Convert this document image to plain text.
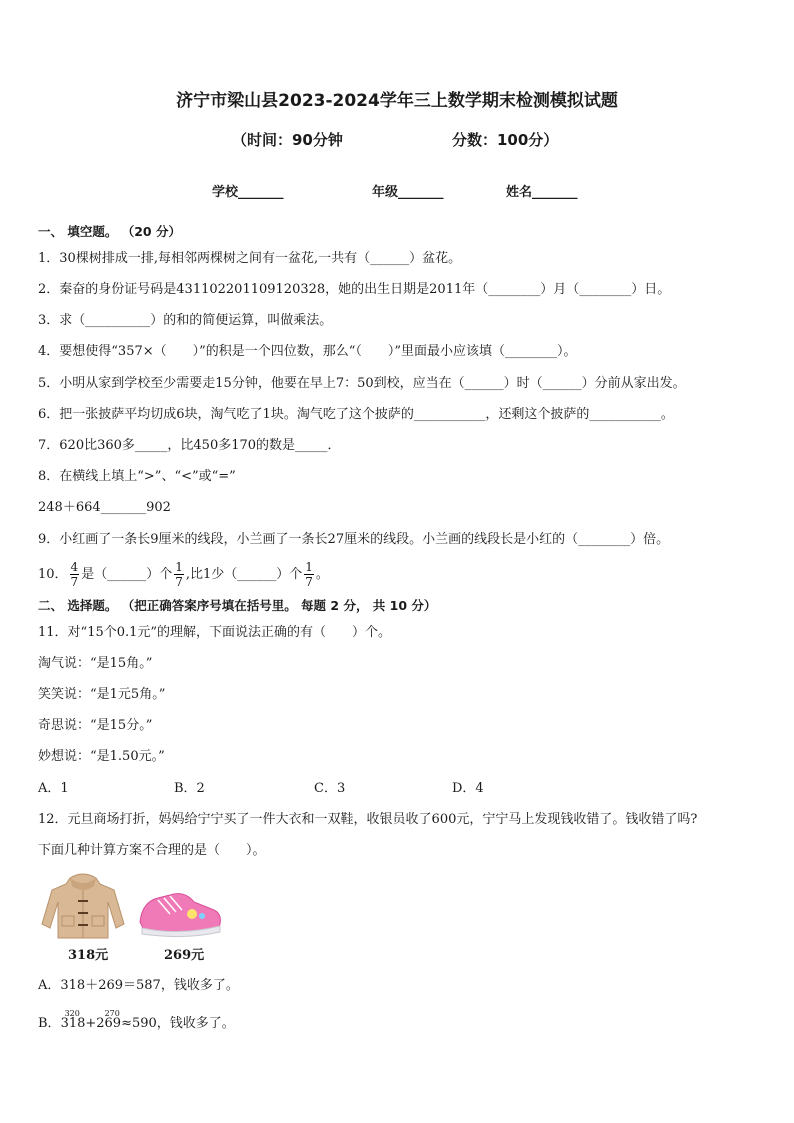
济宁市梁山县2023-2024学年三上数学期末检测模拟试题
（时间：90分钟	分数：100分）
学校_______	年级_______	姓名_______
一、 填空题。 （20 分）
1．30棵树排成一排,每相邻两棵树之间有一盆花,一共有（______）盆花。
2．秦奋的身份证号码是431102201109120328，她的出生日期是2011年（________）月（________）日。
3．求（__________）的和的简便运算，叫做乘法。
4．要想使得“357×（　　）”的积是一个四位数，那么“（　　）”里面最小应该填（________）。
5．小明从家到学校至少需要走15分钟，他要在早上7：50到校，应当在（______）时（______）分前从家出发。
6．把一张披萨平均切成6块，淘气吃了1块。淘气吃了这个披萨的___________，还剩这个披萨的___________。
7．620比360多_____，比450多170的数是_____．
8．在横线上填上“>”、“<”或“=”
248＋664_______902
9．小红画了一条长9厘米的线段，小兰画了一条长27厘米的线段。小兰画的线段长是小红的（________）倍。
10． $\frac{4}{7}$ 是（______）个 $\frac{1}{7}$ ,比1少（______）个 $\frac{1}{7}$ 。
二、 选择题。 （把正确答案序号填在括号里。 每题 2 分， 共 10 分）
11．对“15个0.1元”的理解，下面说法正确的有（　　）个。
淘气说：“是15角。”
笑笑说：“是1元5角。”
奇思说：“是15分。”
妙想说：“是1.50元。”
A．1	B．2	C．3	D．4
12．元旦商场打折，妈妈给宁宁买了一件大衣和一双鞋，收银员收了600元，宁宁马上发现钱收错了。钱收错了吗?
下面几种计算方案不合理的是（　　）。
318元	269元
A．318＋269＝587，钱收多了。
B．
320	270
318+269≈590，钱收多了。
